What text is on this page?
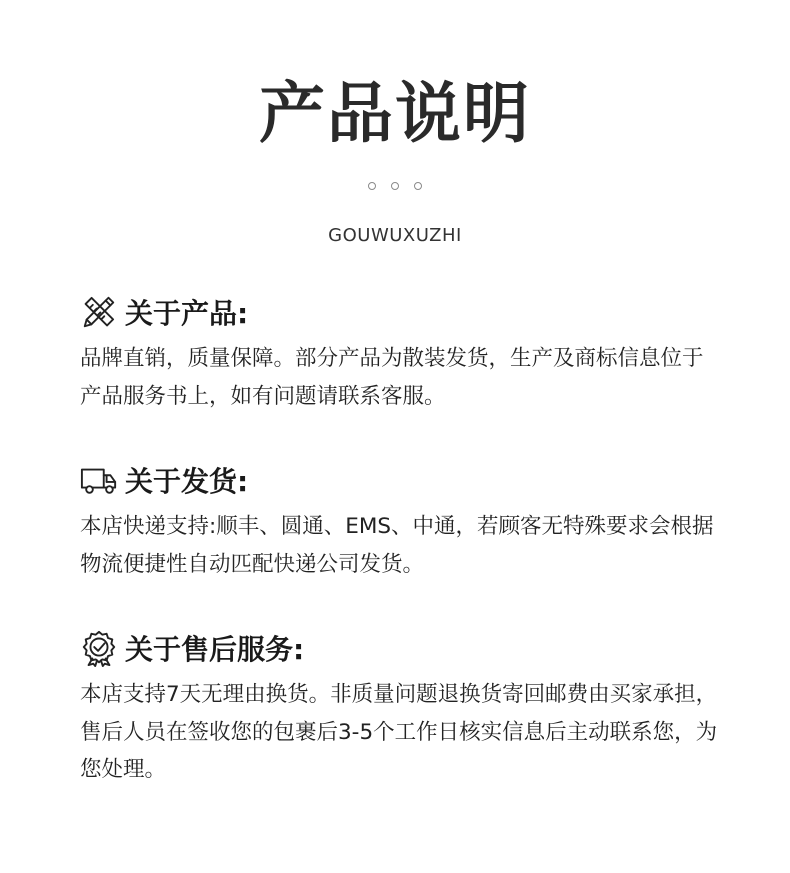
产品说明
GOUWUXUZHI
关于产品:

品牌直销，质量保障。部分产品为散装发货，生产及商标信息位于产品服务书上，如有问题请联系客服。

关于发货:

本店快递支持:顺丰、圆通、EMS、中通，若顾客无特殊要求会根据物流便捷性自动匹配快递公司发货。

关于售后服务:

本店支持7天无理由换货。非质量问题退换货寄回邮费由买家承担，售后人员在签收您的包裹后3-5个工作日核实信息后主动联系您，为您处理。
